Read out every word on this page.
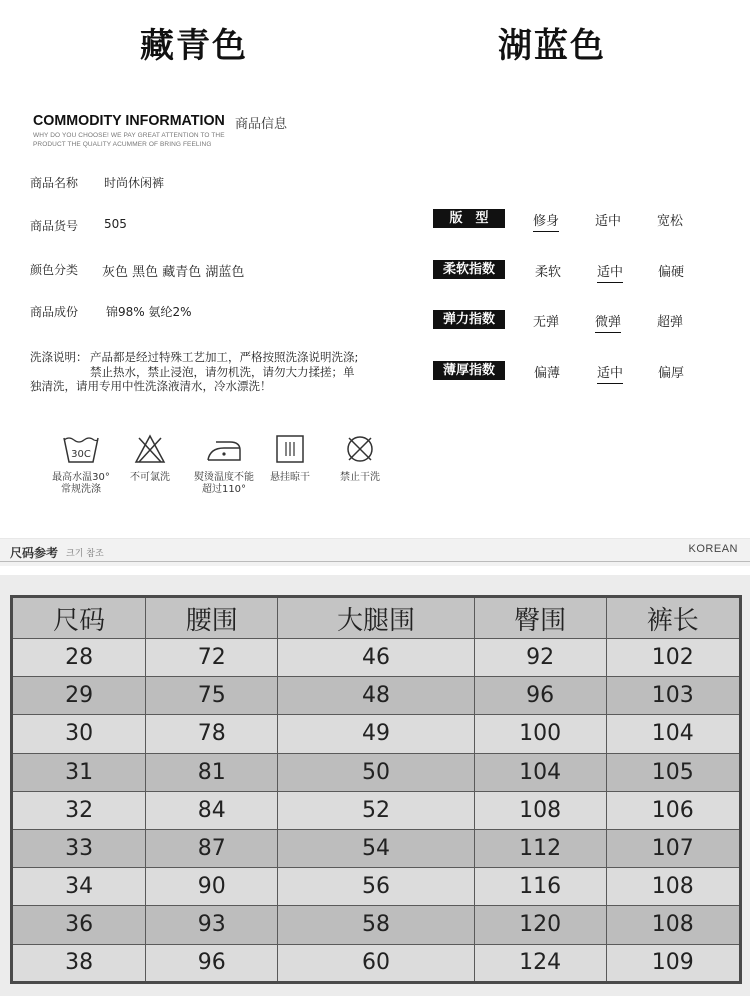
藏青色	湖蓝色
COMMODITY INFORMATION 商品信息
WHY DO YOU CHOOSE! WE PAY GREAT ATTENTION TO THE
PRODUCT THE QUALITY ACUMMER OF BRING FEELING
商品名称 时尚休闲裤
商品货号 505
颜色分类 灰色 黑色 藏青色 湖蓝色
商品成份 锦98% 氨纶2%
洗涤说明： 产品都是经过特殊工艺加工，严格按照洗涤说明洗涤;
禁止热水，禁止浸泡，请勿机洗，请勿大力揉搓；单
独清洗，请用专用中性洗涤液清水，冷水漂洗！
30C
最高水温30°
常规洗涤
不可氯洗	熨烫温度不能
超过110°
悬挂晾干	禁止干洗
版　型	修身	适中	宽松
柔软指数	柔软	适中	偏硬
弹力指数	无弹	微弹	超弹
薄厚指数	偏薄	适中	偏厚
尺码参考 크기 참조	KOREAN
尺码	腰围	大腿围	臀围	裤长
28	72	46	92	102
29	75	48	96	103
30	78	49	100	104
31	81	50	104	105
32	84	52	108	106
33	87	54	112	107
34	90	56	116	108
36	93	58	120	108
38	96	60	124	109
